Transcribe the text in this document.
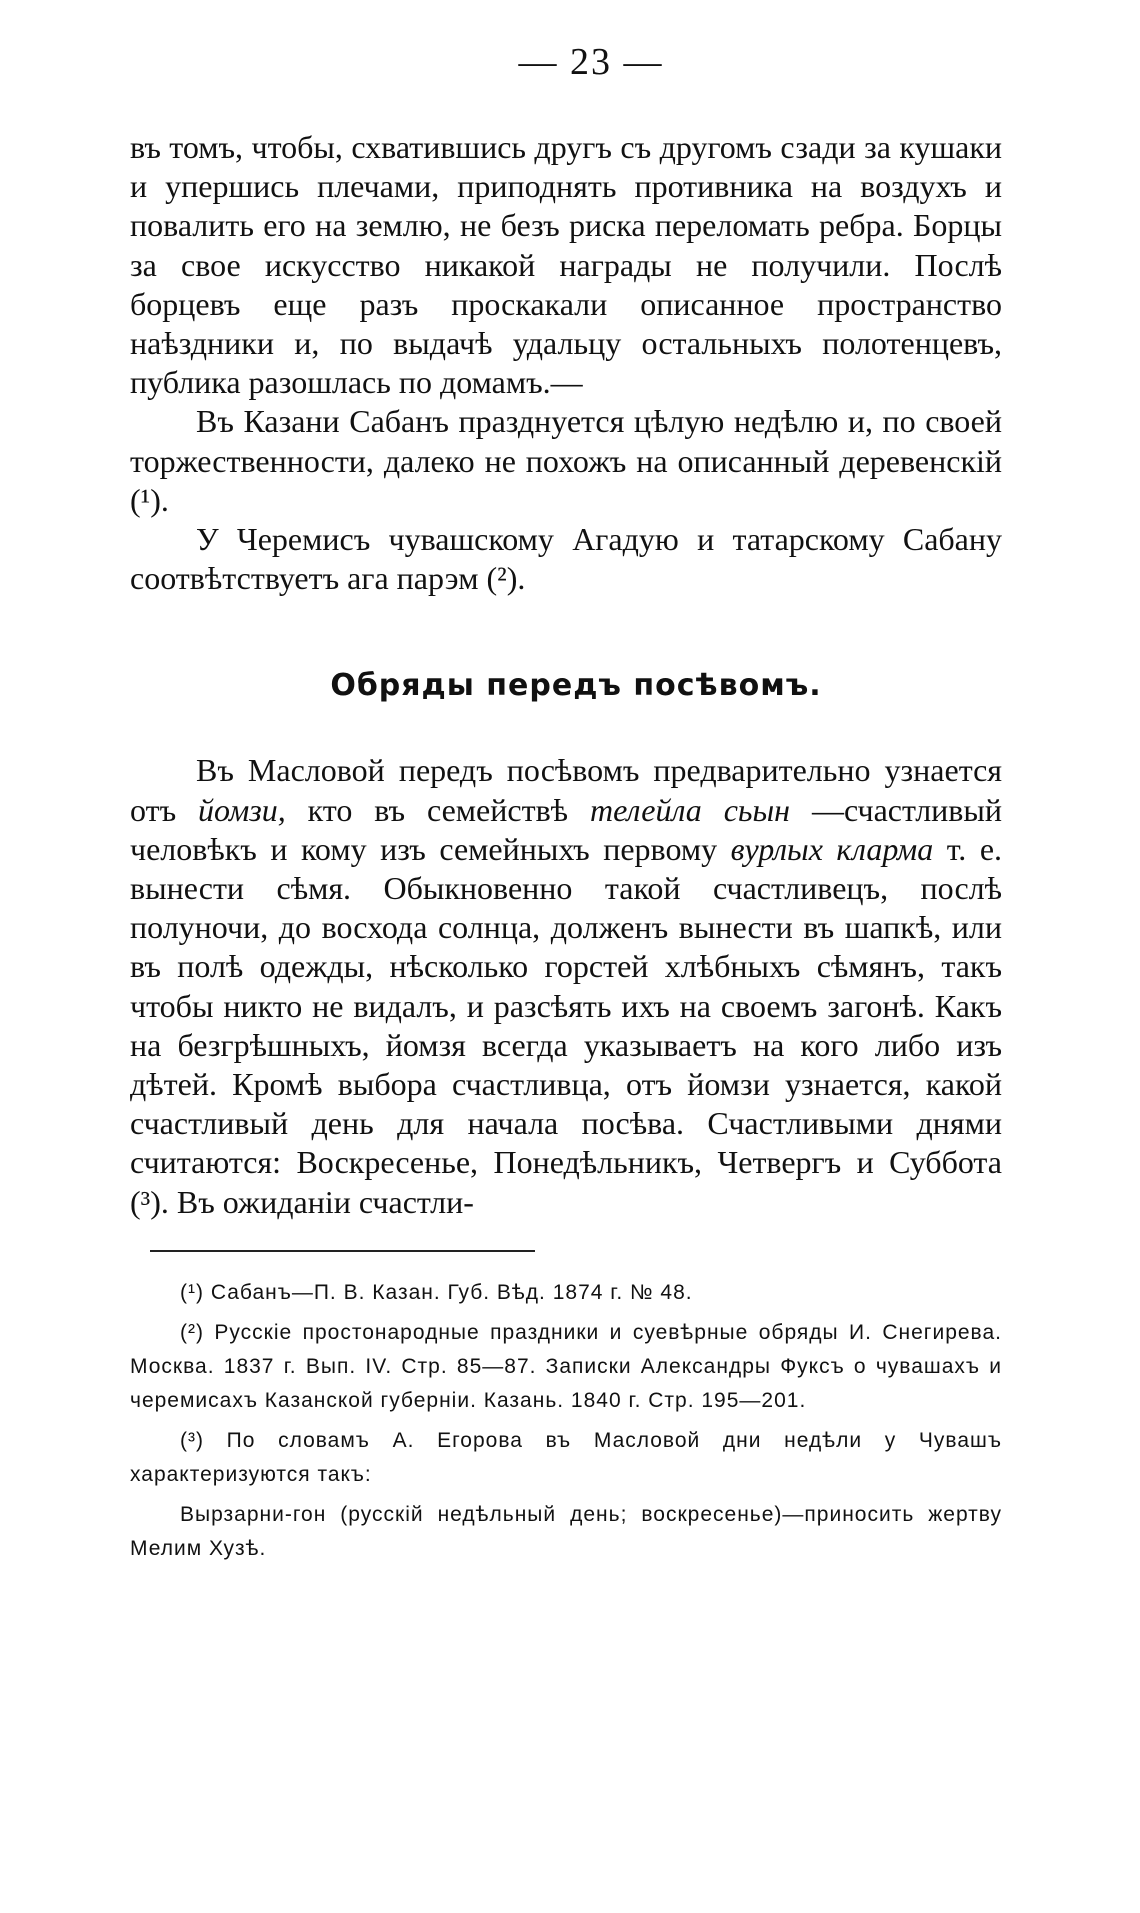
— 23 —

въ томъ, чтобы, схватившись другъ съ другомъ сзади за кушаки и упершись плечами, приподнять противника на воздухъ и повалить его на землю, не безъ риска переломать ребра. Борцы за свое искусство никакой награды не получили. Послѣ борцевъ еще разъ проскакали описанное пространство наѣздники и, по выдачѣ удальцу остальныхъ полотенцевъ, публика разошлась по домамъ.—

Въ Казани Сабанъ празднуется цѣлую недѣлю и, по своей торжественности, далеко не похожъ на описанный деревенскій (¹).

У Черемисъ чувашскому Агадую и татарскому Сабану соотвѣтствуетъ ага парэм (²).

Обряды передъ посѣвомъ.

Въ Масловой передъ посѣвомъ предварительно узнается отъ йомзи, кто въ семействѣ телейла сьын —счастливый человѣкъ и кому изъ семейныхъ первому вурлых кларма т. е. вынести сѣмя. Обыкновенно такой счастливецъ, послѣ полуночи, до восхода солнца, долженъ вынести въ шапкѣ, или въ полѣ одежды, нѣсколько горстей хлѣбныхъ сѣмянъ, такъ чтобы никто не видалъ, и разсѣять ихъ на своемъ загонѣ. Какъ на безгрѣшныхъ, йомзя всегда указываетъ на кого либо изъ дѣтей. Кромѣ выбора счастливца, отъ йомзи узнается, какой счастливый день для начала посѣва. Счастливыми днями считаются: Воскресенье, Понедѣльникъ, Четвергъ и Суббота (³). Въ ожиданіи счастли-

(¹) Сабанъ—П. В. Казан. Губ. Вѣд. 1874 г. № 48.

(²) Русскіе простонародные праздники и суевѣрные обряды И. Снегирева. Москва. 1837 г. Вып. IV. Стр. 85—87. Записки Александры Фуксъ о чувашахъ и черемисахъ Казанской губерніи. Казань. 1840 г. Стр. 195—201.

(³) По словамъ А. Егорова въ Масловой дни недѣли у Чувашъ характеризуются такъ:

Вырзарни-гон (русскій недѣльный день; воскресенье)—приносить жертву Мелим Хузѣ.
